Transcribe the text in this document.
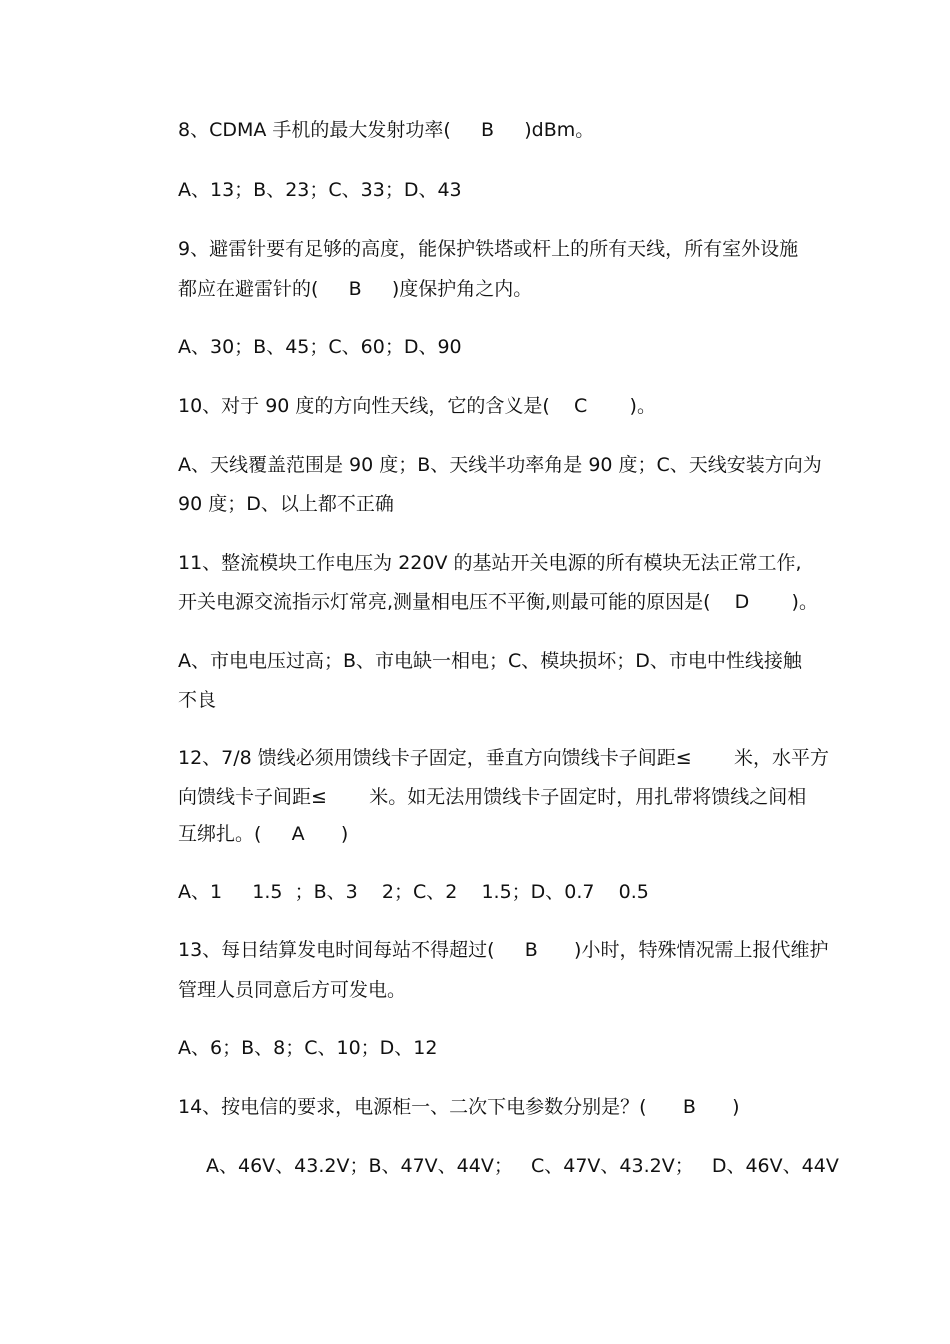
8、CDMA 手机的最大发射功率(     B     )dBm。
A、13；B、23；C、33；D、43
9、避雷针要有足够的高度，能保护铁塔或杆上的所有天线，所有室外设施
都应在避雷针的(     B     )度保护角之内。
A、30；B、45；C、60；D、90
10、对于 90 度的方向性天线，它的含义是(    C       )。
A、天线覆盖范围是 90 度；B、天线半功率角是 90 度；C、天线安装方向为
90 度；D、以上都不正确
11、整流模块工作电压为 220V 的基站开关电源的所有模块无法正常工作,
开关电源交流指示灯常亮,测量相电压不平衡,则最可能的原因是(    D       )。
A、市电电压过高；B、市电缺一相电；C、模块损坏；D、市电中性线接触
不良
12、7/8 馈线必须用馈线卡子固定，垂直方向馈线卡子间距≤       米，水平方
向馈线卡子间距≤       米。如无法用馈线卡子固定时，用扎带将馈线之间相
互绑扎。(     A      )
A、1     1.5  ；B、3    2；C、2    1.5；D、0.7    0.5
13、每日结算发电时间每站不得超过(     B      )小时，特殊情况需上报代维护
管理人员同意后方可发电。
A、6；B、8；C、10；D、12
14、按电信的要求，电源柜一、二次下电参数分别是？(      B      )
A、46V、43.2V；B、47V、44V；   C、47V、43.2V；   D、46V、44V
